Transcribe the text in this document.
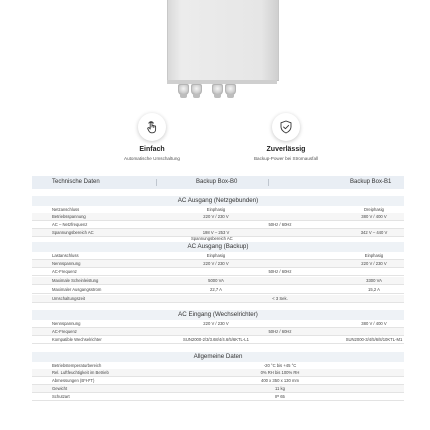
Einfach
Automatische Umschaltung
Zuverlässig
Backup-Power bei Stromausfall
Technische Daten	Backup Box-B0	Backup Box-B1
AC Ausgang (Netzgebunden)
Netzanschluss	Einphasig	Dreiphasig
Betriebsspannung	220 V / 230 V	380 V / 400 V
AC – Netzfrequenz	50Hz / 60Hz
Spannungsbereich AC	198 V – 253 V	342 V – 440 V
Spannungsbereich AC
AC Ausgang (Backup)
Lastanschluss	Einphasig	Einphasig
Nennspannung	220 V / 230 V	220 V / 230 V
AC-Frequenz	50Hz / 60Hz
Maximale Scheinleistung	5000 VA	3300 VA
Maximaler Ausgangsstrom	22,7 A	15,2 A
Umschaltungszeit	< 3 Sek.
AC Eingang (Wechselrichter)
Nennspannung	220 V / 230 V	380 V / 400 V
AC-Frequenz	50Hz / 60Hz
Kompatible Wechselrichter	SUN2000-2/3/3.68/4/4.6/5/6KTL-L1	SUN2000-3/4/5/6/8/10KTL-M1
Allgemeine Daten
Betriebstemperaturbereich	-20 °C bis +45 °C
Rel. Luftfeuchtigkeit im Betrieb	0% RH bis 100% RH
Abmessungen (B*H*T)	400 x 350 x 130 mm
Gewicht	11 kg
Schutzart	IP 65
